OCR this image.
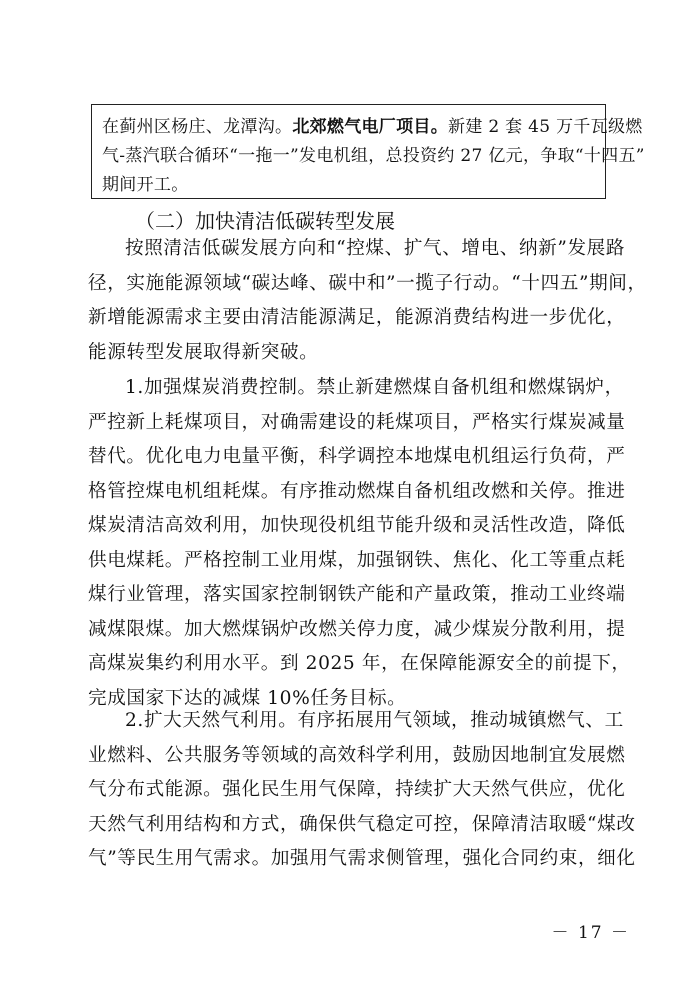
在蓟州区杨庄、龙潭沟。北郊燃气电厂项目。新建 2 套 45 万千瓦级燃
气-蒸汽联合循环“一拖一”发电机组，总投资约 27 亿元，争取“十四五”
期间开工。
（二）加快清洁低碳转型发展
按照清洁低碳发展方向和“控煤、扩气、增电、纳新”发展路
径，实施能源领域“碳达峰、碳中和”一揽子行动。“十四五”期间，
新增能源需求主要由清洁能源满足，能源消费结构进一步优化，
能源转型发展取得新突破。
1.加强煤炭消费控制。禁止新建燃煤自备机组和燃煤锅炉，
严控新上耗煤项目，对确需建设的耗煤项目，严格实行煤炭减量
替代。优化电力电量平衡，科学调控本地煤电机组运行负荷，严
格管控煤电机组耗煤。有序推动燃煤自备机组改燃和关停。推进
煤炭清洁高效利用，加快现役机组节能升级和灵活性改造，降低
供电煤耗。严格控制工业用煤，加强钢铁、焦化、化工等重点耗
煤行业管理，落实国家控制钢铁产能和产量政策，推动工业终端
减煤限煤。加大燃煤锅炉改燃关停力度，减少煤炭分散利用，提
高煤炭集约利用水平。到 2025 年，在保障能源安全的前提下，
完成国家下达的减煤 10%任务目标。
2.扩大天然气利用。有序拓展用气领域，推动城镇燃气、工
业燃料、公共服务等领域的高效科学利用，鼓励因地制宜发展燃
气分布式能源。强化民生用气保障，持续扩大天然气供应，优化
天然气利用结构和方式，确保供气稳定可控，保障清洁取暖“煤改
气”等民生用气需求。加强用气需求侧管理，强化合同约束，细化
－ 17 －
